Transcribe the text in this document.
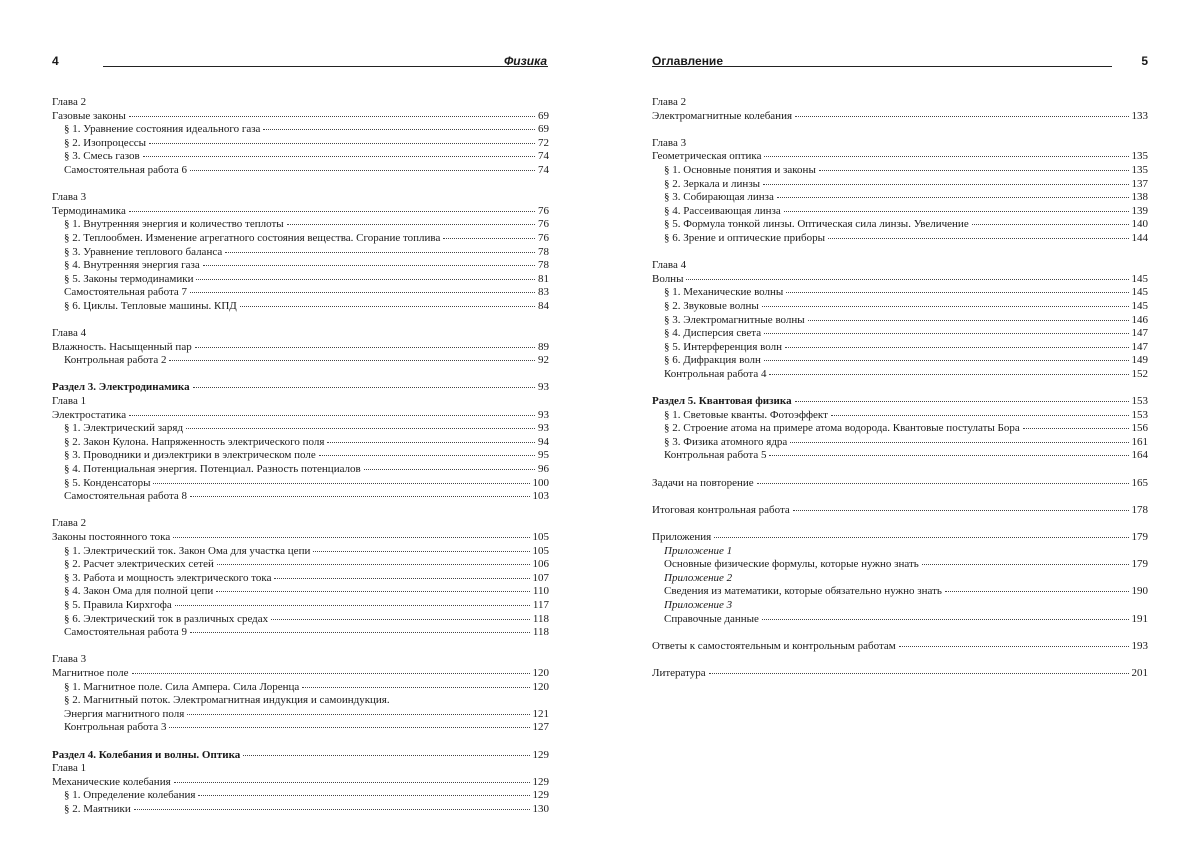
4	Физика
Глава 2
Газовые законы	69
§ 1. Уравнение состояния идеального газа	69
§ 2. Изопроцессы	72
§ 3. Смесь газов	74
Самостоятельная работа 6	74
Глава 3
Термодинамика	76
§ 1. Внутренняя энергия и количество теплоты	76
§ 2. Теплообмен. Изменение агрегатного состояния вещества. Сгорание топлива	76
§ 3. Уравнение теплового баланса	78
§ 4. Внутренняя энергия газа	78
§ 5. Законы термодинамики	81
Самостоятельная работа 7	83
§ 6. Циклы. Тепловые машины. КПД	84
Глава 4
Влажность. Насыщенный пар	89
Контрольная работа 2	92
Раздел 3. Электродинамика	93
Глава 1
Электростатика	93
§ 1. Электрический заряд	93
§ 2. Закон Кулона. Напряженность электрического поля	94
§ 3. Проводники и диэлектрики в электрическом поле	95
§ 4. Потенциальная энергия. Потенциал. Разность потенциалов	96
§ 5. Конденсаторы	100
Самостоятельная работа 8	103
Глава 2
Законы постоянного тока	105
§ 1. Электрический ток. Закон Ома для участка цепи	105
§ 2. Расчет электрических сетей	106
§ 3. Работа и мощность электрического тока	107
§ 4. Закон Ома для полной цепи	110
§ 5. Правила Кирхгофа	117
§ 6. Электрический ток в различных средах	118
Самостоятельная работа 9	118
Глава 3
Магнитное поле	120
§ 1. Магнитное поле. Сила Ампера. Сила Лоренца	120
§ 2. Магнитный поток. Электромагнитная индукция и самоиндукция.
Энергия магнитного поля	121
Контрольная работа 3	127
Раздел 4. Колебания и волны. Оптика	129
Глава 1
Механические колебания	129
§ 1. Определение колебания	129
§ 2. Маятники	130
Оглавление	5
Глава 2
Электромагнитные колебания	133
Глава 3
Геометрическая оптика	135
§ 1. Основные понятия и законы	135
§ 2. Зеркала и линзы	137
§ 3. Собирающая линза	138
§ 4. Рассеивающая линза	139
§ 5. Формула тонкой линзы. Оптическая сила линзы. Увеличение	140
§ 6. Зрение и оптические приборы	144
Глава 4
Волны	145
§ 1. Механические волны	145
§ 2. Звуковые волны	145
§ 3. Электромагнитные волны	146
§ 4. Дисперсия света	147
§ 5. Интерференция волн	147
§ 6. Дифракция волн	149
Контрольная работа 4	152
Раздел 5. Квантовая физика	153
§ 1. Световые кванты. Фотоэффект	153
§ 2. Строение атома на примере атома водорода. Квантовые постулаты Бора	156
§ 3. Физика атомного ядра	161
Контрольная работа 5	164
Задачи на повторение	165
Итоговая контрольная работа	178
Приложения	179
Приложение 1
Основные физические формулы, которые нужно знать	179
Приложение 2
Сведения из математики, которые обязательно нужно знать	190
Приложение 3
Справочные данные	191
Ответы к самостоятельным и контрольным работам	193
Литература	201
